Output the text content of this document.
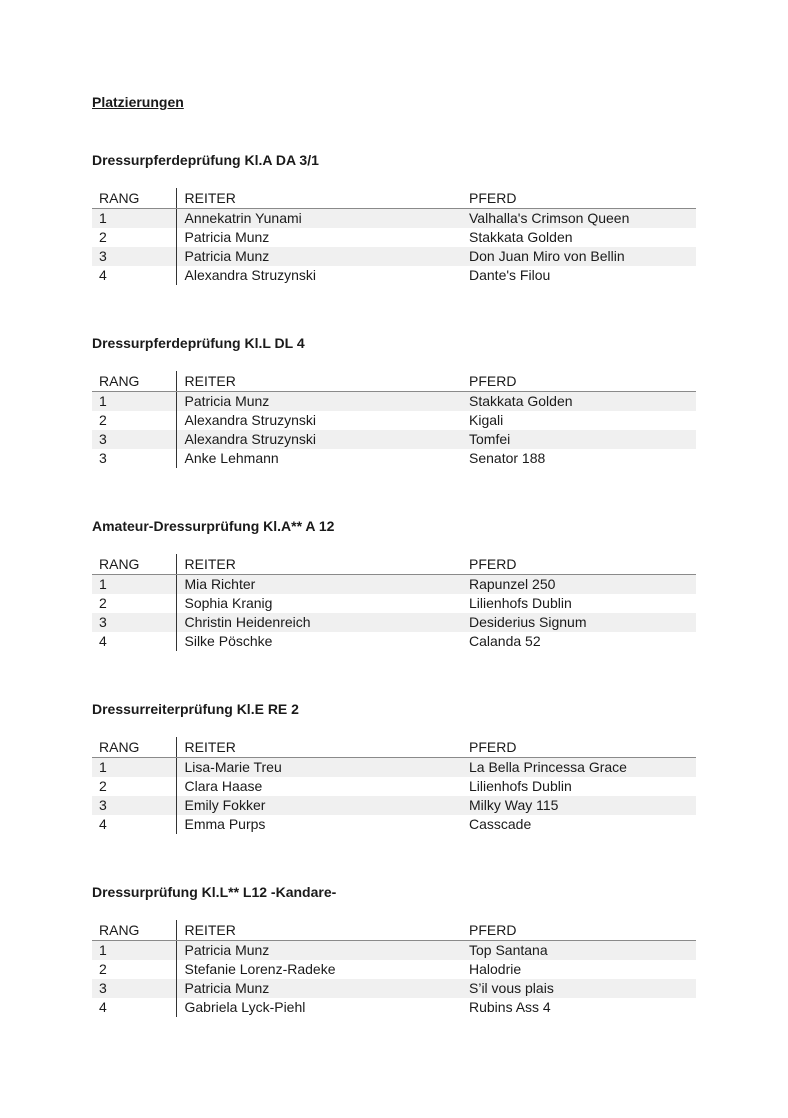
Platzierungen
Dressurpferdeprüfung Kl.A DA 3/1
RANG	REITER	PFERD
1	Annekatrin Yunami	Valhalla's Crimson Queen
2	Patricia Munz	Stakkata Golden
3	Patricia Munz	Don Juan Miro von Bellin
4	Alexandra Struzynski	Dante's Filou
Dressurpferdeprüfung Kl.L DL 4
RANG	REITER	PFERD
1	Patricia Munz	Stakkata Golden
2	Alexandra Struzynski	Kigali
3	Alexandra Struzynski	Tomfei
3	Anke Lehmann	Senator 188
Amateur-Dressurprüfung Kl.A** A 12
RANG	REITER	PFERD
1	Mia Richter	Rapunzel 250
2	Sophia Kranig	Lilienhofs Dublin
3	Christin Heidenreich	Desiderius Signum
4	Silke Pöschke	Calanda 52
Dressurreiterprüfung Kl.E RE 2
RANG	REITER	PFERD
1	Lisa-Marie Treu	La Bella Princessa Grace
2	Clara Haase	Lilienhofs Dublin
3	Emily Fokker	Milky Way 115
4	Emma Purps	Casscade
Dressurprüfung Kl.L** L12 -Kandare-
RANG	REITER	PFERD
1	Patricia Munz	Top Santana
2	Stefanie Lorenz-Radeke	Halodrie
3	Patricia Munz	S’il vous plais
4	Gabriela Lyck-Piehl	Rubins Ass 4
